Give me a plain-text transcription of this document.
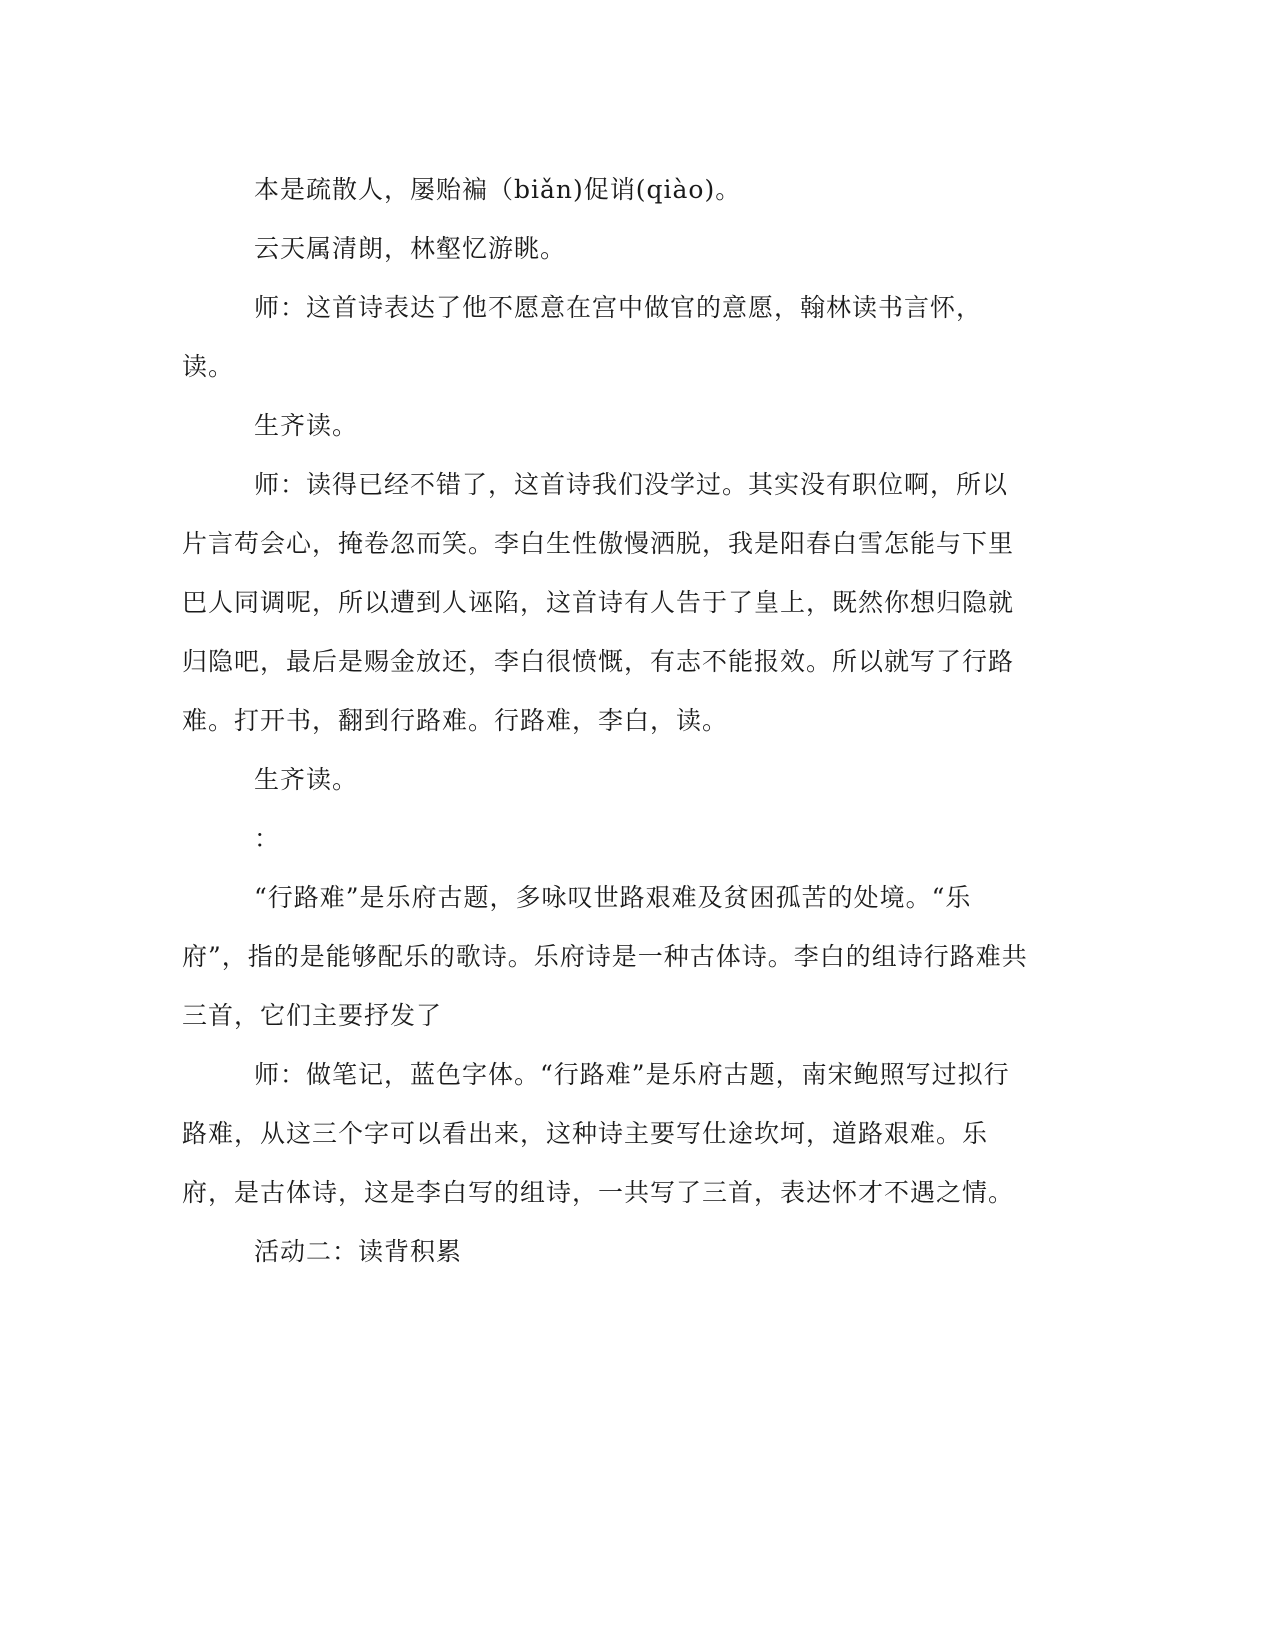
本是疏散人，屡贻褊（biǎn)促诮(qiào)。

云天属清朗，林壑忆游眺。

师：这首诗表达了他不愿意在宫中做官的意愿，翰林读书言怀，读。

生齐读。

师：读得已经不错了，这首诗我们没学过。其实没有职位啊，所以片言苟会心，掩卷忽而笑。李白生性傲慢洒脱，我是阳春白雪怎能与下里巴人同调呢，所以遭到人诬陷，这首诗有人告于了皇上，既然你想归隐就归隐吧，最后是赐金放还，李白很愤慨，有志不能报效。所以就写了行路难。打开书，翻到行路难。行路难，李白，读。

生齐读。

：

“行路难”是乐府古题，多咏叹世路艰难及贫困孤苦的处境。“乐府”，指的是能够配乐的歌诗。乐府诗是一种古体诗。李白的组诗行路难共三首，它们主要抒发了

师：做笔记，蓝色字体。“行路难”是乐府古题，南宋鲍照写过拟行路难，从这三个字可以看出来，这种诗主要写仕途坎坷，道路艰难。乐府，是古体诗，这是李白写的组诗，一共写了三首，表达怀才不遇之情。

活动二：读背积累
